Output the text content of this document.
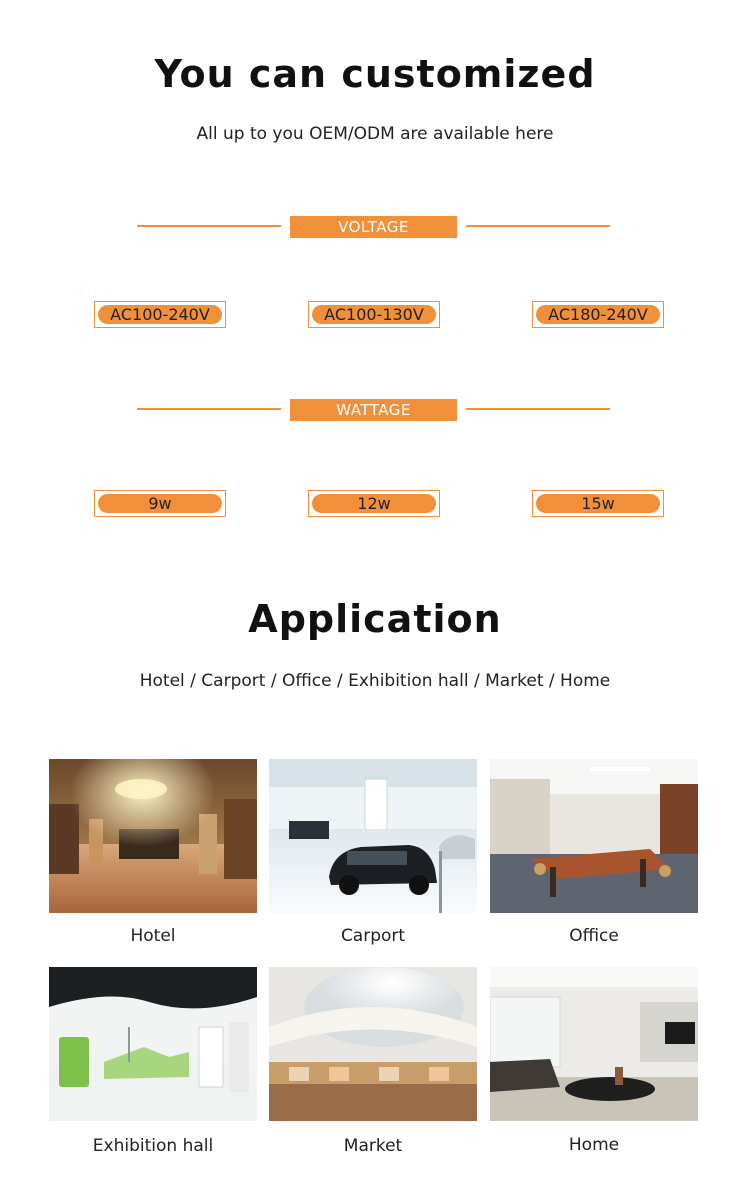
You can customized
All up to you OEM/ODM are available here
VOLTAGE
AC100-240V	AC100-130V	AC180-240V
WATTAGE
9w	12w	15w
Application
Hotel / Carport / Office / Exhibition hall / Market / Home
Hotel	Carport	Office
Exhibition hall	Market	Home
